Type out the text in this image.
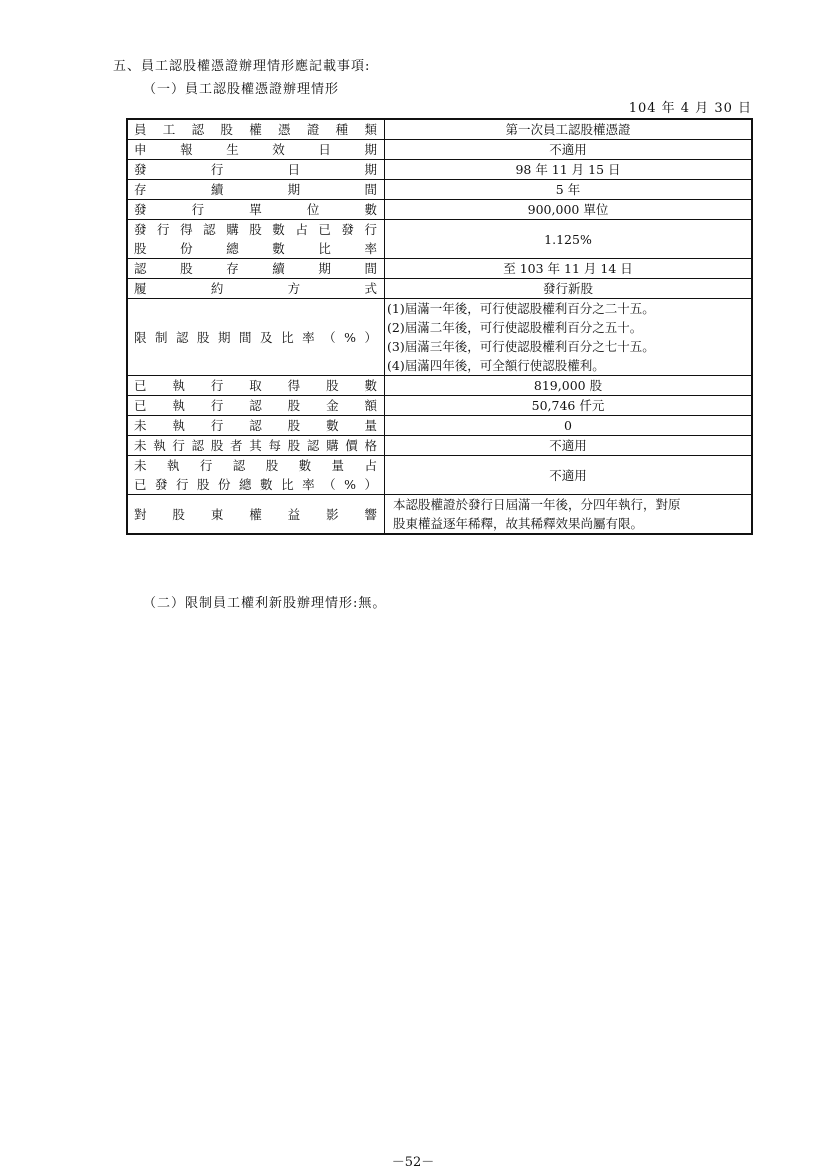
五、員工認股權憑證辦理情形應記載事項:
（一）員工認股權憑證辦理情形
104 年 4 月 30 日
員工認股權憑證種類	第一次員工認股權憑證
申報生效日期	不適用
發行日期	98 年 11 月 15 日
存續期間	5 年
發行單位數	900,000 單位

發行得認購股數占已發行
股份總數比率	1.125%
認股存續期間	至 103 年 11 月 14 日
履約方式	發行新股
限制認股期間及比率（%）	(1)屆滿一年後，可行使認股權利百分之二十五。
(2)屆滿二年後，可行使認股權利百分之五十。
(3)屆滿三年後，可行使認股權利百分之七十五。
(4)屆滿四年後，可全額行使認股權利。

已執行取得股數	819,000 股
已執行認股金額	50,746 仟元
未執行認股數量	0
未執行認股者其每股認購價格	不適用

未執行認股數量占
已發行股份總數比率（%）	不適用
對股東權益影響	本認股權證於發行日屆滿一年後，分四年執行，對原
股東權益逐年稀釋，故其稀釋效果尚屬有限。
（二）限制員工權利新股辦理情形:無。
－52－
